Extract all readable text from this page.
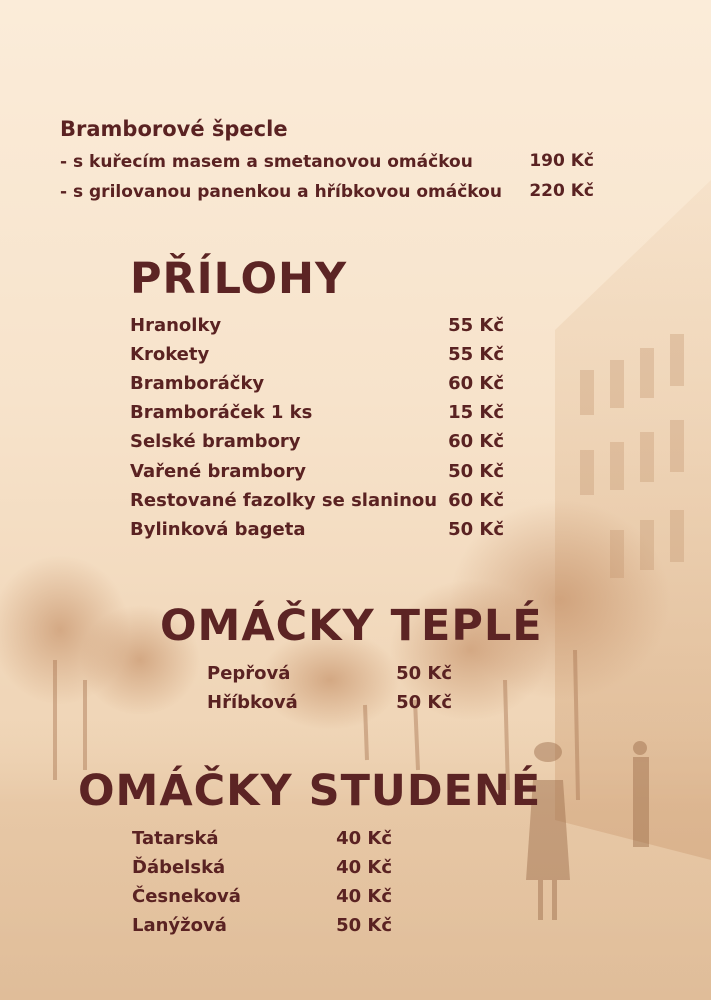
Bramborové špecle
- s kuřecím masem a smetanovou omáčkou	190 Kč
- s grilovanou panenkou a hříbkovou omáčkou	220 Kč
PŘÍLOHY
Hranolky	55 Kč
Krokety	55 Kč
Bramboráčky	60 Kč
Bramboráček 1 ks	15 Kč
Selské brambory	60 Kč
Vařené brambory	50 Kč
Restované fazolky se slaninou 60 Kč
Bylinková bageta	50 Kč
OMÁČKY TEPLÉ
Pepřová	50 Kč
Hříbková	50 Kč
OMÁČKY STUDENÉ
Tatarská	40 Kč
Ďábelská	40 Kč
Česneková	40 Kč
Lanýžová	50 Kč
